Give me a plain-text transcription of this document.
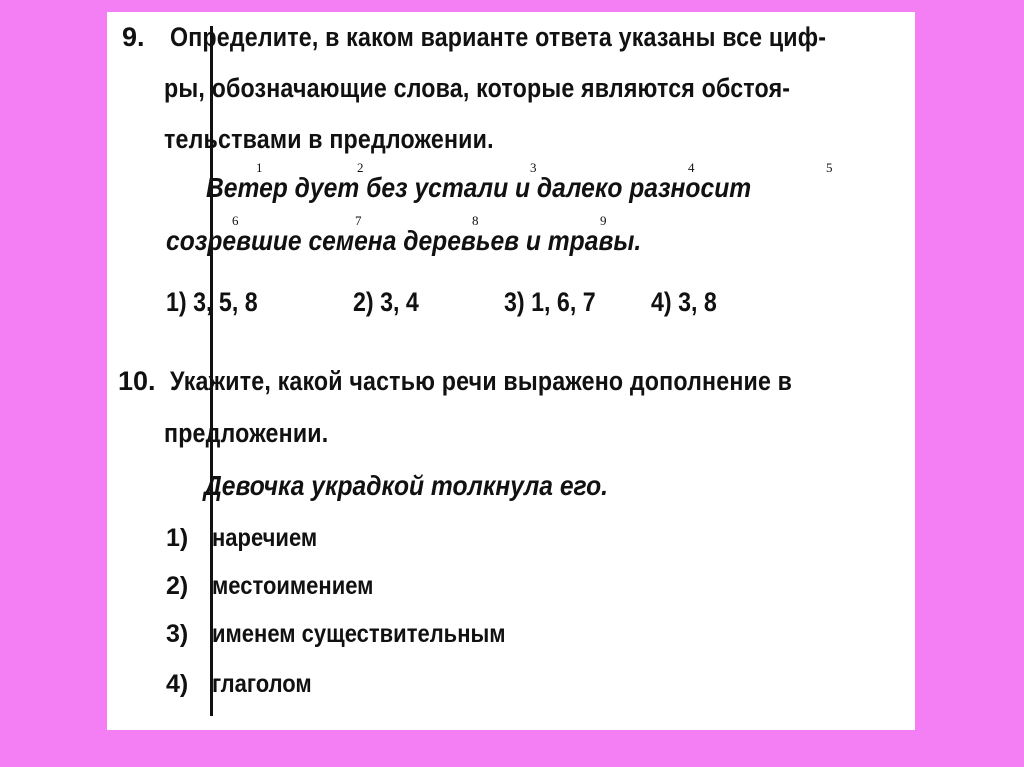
9. Определите, в каком варианте ответа указаны все циф-
ры, обозначающие слова, которые являются обстоя-
тельствами в предложении.
1	2	3	4	5
Ветер дует без устали и далеко разносит
6	7	8	9
созревшие семена деревьев и травы.
1) 3, 5, 8	2) 3, 4	3) 1, 6, 7 4) 3, 8
10. Укажите, какой частью речи выражено дополнение в
предложении.
Девочка украдкой толкнула его.
1) наречием
2) местоимением
3) именем существительным
4) глаголом
